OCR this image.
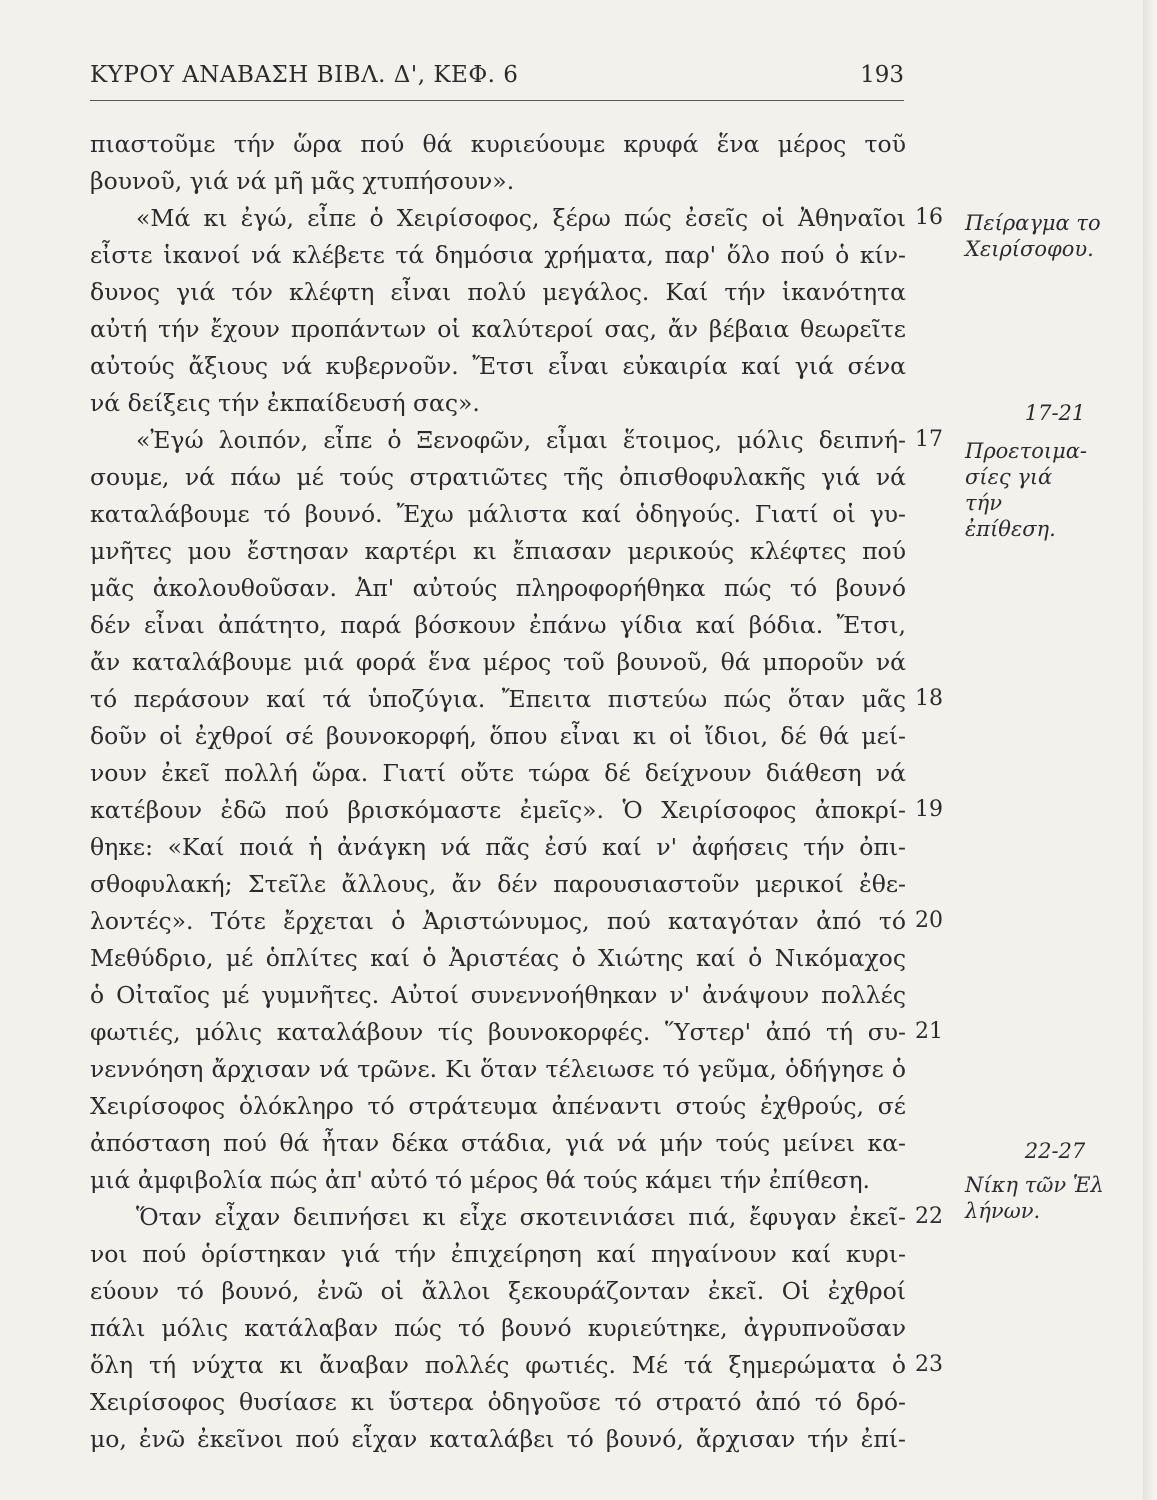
ΚΥΡΟΥ ΑΝΑΒΑΣΗ ΒΙΒΛ. Δ', ΚΕΦ. 6	193
πιαστοῦμε τήν ὥρα πού θά κυριεύουμε κρυφά ἕνα μέρος τοῦ
βουνοῦ, γιά νά μῆ μᾶς χτυπήσουν».
«Μά κι ἐγώ, εἶπε ὁ Χειρίσοφος, ξέρω πώς ἐσεῖς οἱ Ἀθηναῖοι
εἶστε ἱκανοί νά κλέβετε τά δημόσια χρήματα, παρ' ὅλο πού ὁ κίν-
δυνος γιά τόν κλέφτη εἶναι πολύ μεγάλος. Καί τήν ἱκανότητα
αὐτή τήν ἔχουν προπάντων οἱ καλύτεροί σας, ἄν βέβαια θεωρεῖτε
αὐτούς ἄξιους νά κυβερνοῦν. Ἔτσι εἶναι εὐκαιρία καί γιά σένα
νά δείξεις τήν ἐκπαίδευσή σας».
«Ἐγώ λοιπόν, εἶπε ὁ Ξενοφῶν, εἶμαι ἕτοιμος, μόλις δειπνή-
σουμε, νά πάω μέ τούς στρατιῶτες τῆς ὀπισθοφυλακῆς γιά νά
καταλάβουμε τό βουνό. Ἔχω μάλιστα καί ὁδηγούς. Γιατί οἱ γυ-
μνῆτες μου ἔστησαν καρτέρι κι ἔπιασαν μερικούς κλέφτες πού
μᾶς ἀκολουθοῦσαν. Ἀπ' αὐτούς πληροφορήθηκα πώς τό βουνό
δέν εἶναι ἀπάτητο, παρά βόσκουν ἐπάνω γίδια καί βόδια. Ἔτσι,
ἄν καταλάβουμε μιά φορά ἕνα μέρος τοῦ βουνοῦ, θά μποροῦν νά
τό περάσουν καί τά ὑποζύγια. Ἔπειτα πιστεύω πώς ὅταν μᾶς
δοῦν οἱ ἐχθροί σέ βουνοκορφή, ὅπου εἶναι κι οἱ ἴδιοι, δέ θά μεί-
νουν ἐκεῖ πολλή ὥρα. Γιατί οὔτε τώρα δέ δείχνουν διάθεση νά
κατέβουν ἐδῶ πού βρισκόμαστε ἐμεῖς». Ὁ Χειρίσοφος ἀποκρί-
θηκε: «Καί ποιά ἡ ἀνάγκη νά πᾶς ἐσύ καί ν' ἀφήσεις τήν ὀπι-
σθοφυλακή; Στεῖλε ἄλλους, ἄν δέν παρουσιαστοῦν μερικοί ἐθε-
λοντές». Τότε ἔρχεται ὁ Ἀριστώνυμος, πού καταγόταν ἀπό τό
Μεθύδριο, μέ ὁπλίτες καί ὁ Ἀριστέας ὁ Χιώτης καί ὁ Νικόμαχος
ὁ Οἰταῖος μέ γυμνῆτες. Αὐτοί συνεννοήθηκαν ν' ἀνάψουν πολλές
φωτιές, μόλις καταλάβουν τίς βουνοκορφές. Ὕστερ' ἀπό τή συ-
νεννόηση ἄρχισαν νά τρῶνε. Κι ὅταν τέλειωσε τό γεῦμα, ὁδήγησε ὁ
Χειρίσοφος ὁλόκληρο τό στράτευμα ἀπέναντι στούς ἐχθρούς, σέ
ἀπόσταση πού θά ἦταν δέκα στάδια, γιά νά μήν τούς μείνει κα-
μιά ἀμφιβολία πώς ἀπ' αὐτό τό μέρος θά τούς κάμει τήν ἐπίθεση.
Ὅταν εἶχαν δειπνήσει κι εἶχε σκοτεινιάσει πιά, ἔφυγαν ἐκεῖ-
νοι πού ὁρίστηκαν γιά τήν ἐπιχείρηση καί πηγαίνουν καί κυρι-
εύουν τό βουνό, ἐνῶ οἱ ἄλλοι ξεκουράζονταν ἐκεῖ. Οἱ ἐχθροί
πάλι μόλις κατάλαβαν πώς τό βουνό κυριεύτηκε, ἀγρυπνοῦσαν
ὅλη τή νύχτα κι ἄναβαν πολλές φωτιές. Μέ τά ξημερώματα ὁ
Χειρίσοφος θυσίασε κι ὕστερα ὁδηγοῦσε τό στρατό ἀπό τό δρό-
μο, ἐνῶ ἐκεῖνοι πού εἶχαν καταλάβει τό βουνό, ἄρχισαν τήν ἐπί-
16
17
18
19
20
21
22
23
Πείραγμα το Χειρίσοφου.
17-21
Προετοιμα-σίες γιά τήν ἐπίθεση.
22-27
Νίκη τῶν Ἑλ λήνων.
